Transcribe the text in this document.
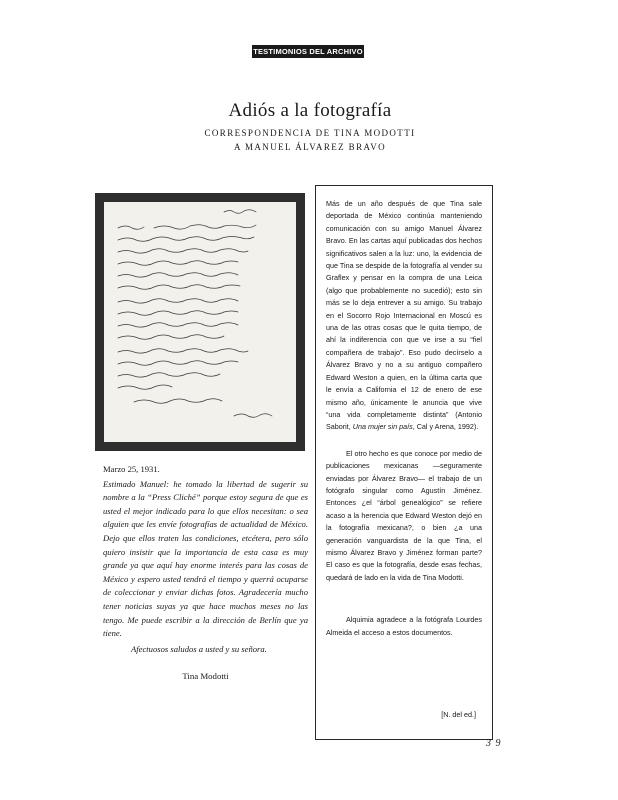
TESTIMONIOS DEL ARCHIVO
Adiós a la fotografía
CORRESPONDENCIA DE TINA MODOTTI
A MANUEL ÁLVAREZ BRAVO
Marzo 25, 1931.
Estimado Manuel: he tomado la libertad de sugerir su nombre a la “Press Cliché” porque estoy segura de que es usted el mejor indicado para lo que ellos necesitan: o sea alguien que les envíe fotografías de actualidad de México. Dejo que ellos traten las condiciones, etcétera, pero sólo quiero insistir que la importancia de esta casa es muy grande ya que aquí hay enorme interés para las cosas de México y espero usted tendrá el tiempo y querrá ocuparse de coleccionar y enviar dichas fotos. Agradecería mucho tener noticias suyas ya que hace muchos meses no las tengo. Me puede escribir a la dirección de Berlín que ya tiene.
Afectuosos saludos a usted y su señora.
Tina Modotti
Más de un año después de que Tina sale deportada de México continúa manteniendo comunicación con su amigo Manuel Álvarez Bravo. En las cartas aquí publicadas dos hechos significativos salen a la luz: uno, la evidencia de que Tina se despide de la fotografía al vender su Graflex y pensar en la compra de una Leica (algo que probablemente no sucedió); esto sin más se lo deja entrever a su amigo. Su trabajo en el Socorro Rojo Internacional en Moscú es una de las otras cosas que le quita tiempo, de ahí la indiferencia con que ve irse a su “fiel compañera de trabajo”. Eso pudo decírselo a Álvarez Bravo y no a su antiguo compañero Edward Weston a quien, en la última carta que le envía a California el 12 de enero de ese mismo año, únicamente le anuncia que vive “una vida completamente distinta” (Antonio Saborit, Una mujer sin país, Cal y Arena, 1992).
El otro hecho es que conoce por medio de publicaciones mexicanas —seguramente enviadas por Álvarez Bravo— el trabajo de un fotógrafo singular como Agustín Jiménez. Entonces ¿el “árbol genealógico” se refiere acaso a la herencia que Edward Weston dejó en la fotografía mexicana?, o bien ¿a una generación vanguardista de la que Tina, el mismo Álvarez Bravo y Jiménez forman parte? El caso es que la fotografía, desde esas fechas, quedará de lado en la vida de Tina Modotti.
Alquimia agradece a la fotógrafa Lourdes Almeida el acceso a estos documentos.
[N. del ed.]
3 9
